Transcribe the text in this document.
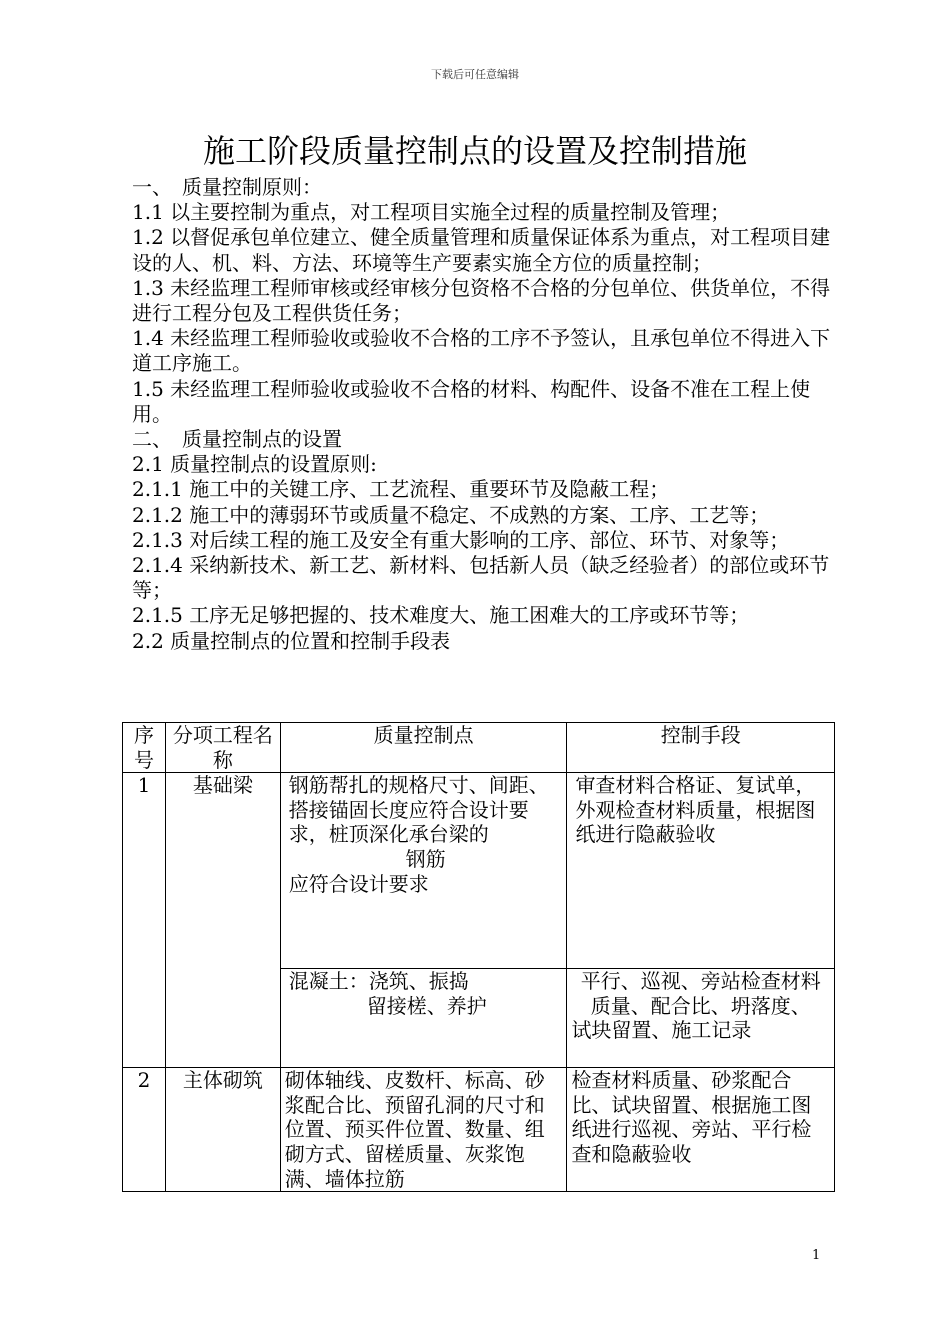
下载后可任意编辑
施工阶段质量控制点的设置及控制措施

一、　质量控制原则：

1.1 以主要控制为重点，对工程项目实施全过程的质量控制及管理；

1.2 以督促承包单位建立、健全质量管理和质量保证体系为重点，对工程项目建设的人、机、料、方法、环境等生产要素实施全方位的质量控制；

1.3 未经监理工程师审核或经审核分包资格不合格的分包单位、供货单位，不得进行工程分包及工程供货任务；

1.4 未经监理工程师验收或验收不合格的工序不予签认，且承包单位不得进入下道工序施工。

1.5 未经监理工程师验收或验收不合格的材料、构配件、设备不准在工程上使用。

二、　质量控制点的设置

2.1 质量控制点的设置原则:

2.1.1 施工中的关键工序、工艺流程、重要环节及隐蔽工程；

2.1.2 施工中的薄弱环节或质量不稳定、不成熟的方案、工序、工艺等；

2.1.3 对后续工程的施工及安全有重大影响的工序、部位、环节、对象等；

2.1.4 采纳新技术、新工艺、新材料、包括新人员（缺乏经验者）的部位或环节等；

2.1.5 工序无足够把握的、技术难度大、施工困难大的工序或环节等；

2.2 质量控制点的位置和控制手段表

序号	分项工程名称	质量控制点	控制手段
1	基础梁	钢筋帮扎的规格尺寸、间距、搭接锚固长度应符合设计要求，桩顶深化承台梁的
钢筋
应符合设计要求	审查材料合格证、复试单，外观检查材料质量，根据图纸进行隐蔽验收

		混凝土：浇筑、振捣
留接槎、养护	平行、巡视、旁站检查材料质量、配合比、坍落度、
试块留置、施工记录

2	主体砌筑	砌体轴线、皮数杆、标高、砂浆配合比、预留孔洞的尺寸和位置、预买件位置、数量、组砌方式、留槎质量、灰浆饱满、墙体拉筋	检查材料质量、砂浆配合比、试块留置、根据施工图纸进行巡视、旁站、平行检查和隐蔽验收
1
